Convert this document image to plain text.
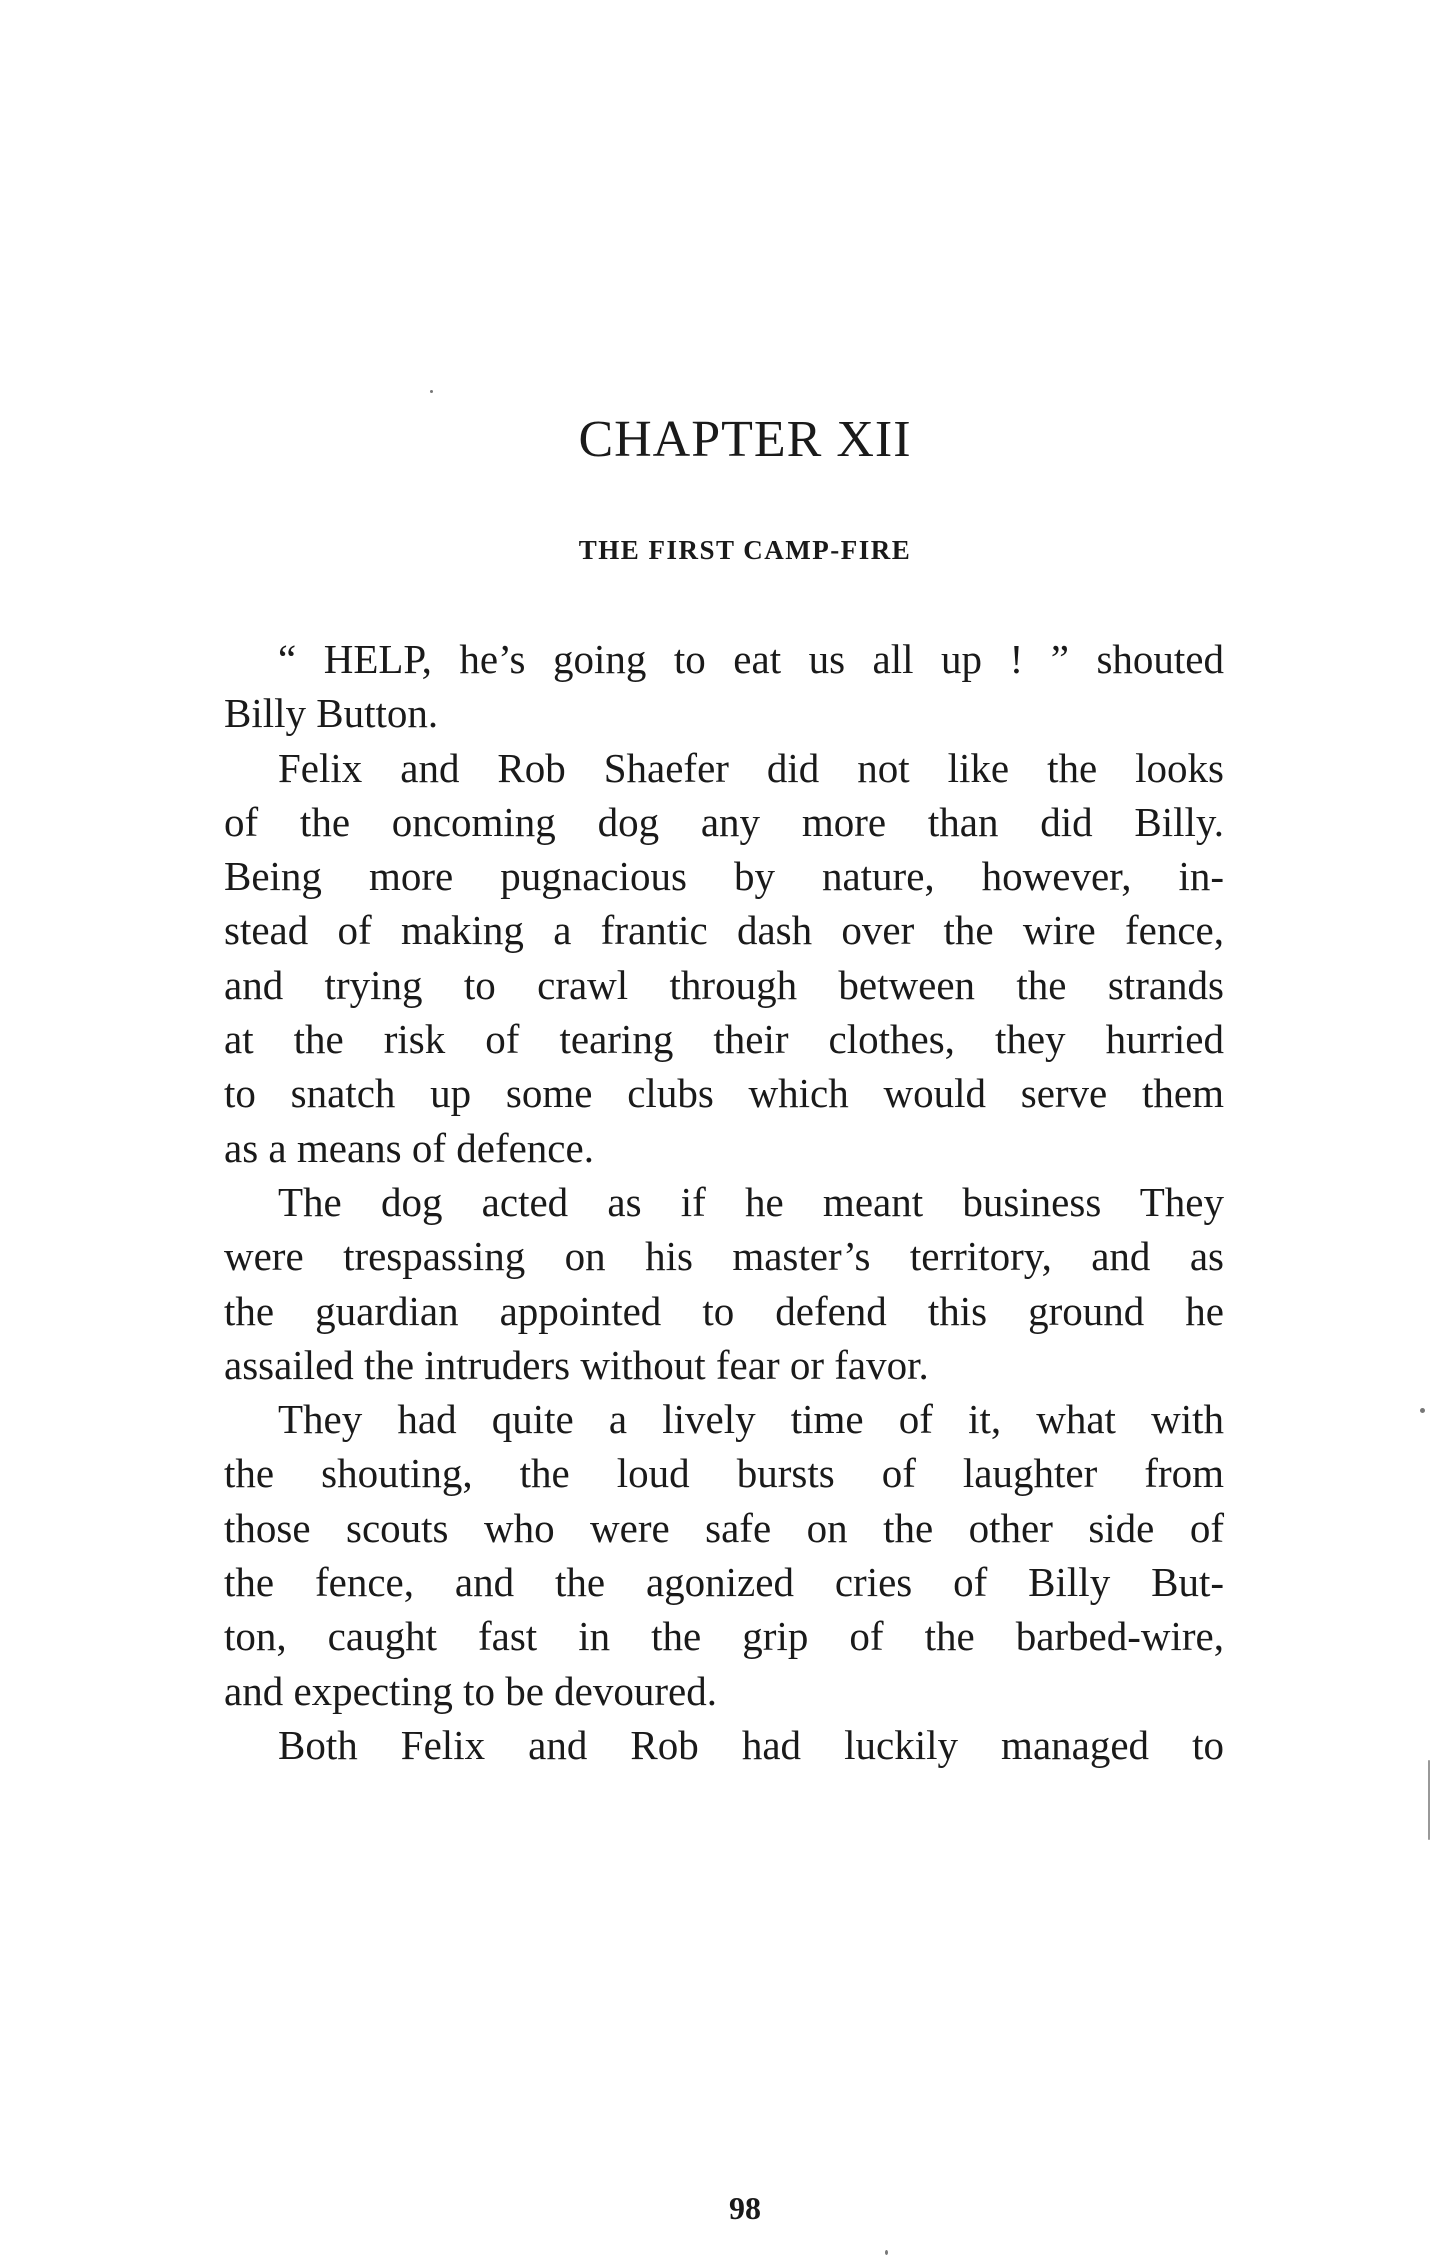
CHAPTER XII
THE FIRST CAMP-FIRE
“ HELP, he’s going to eat us all up ! ” shouted
Billy Button.
Felix and Rob Shaefer did not like the looks
of the oncoming dog any more than did Billy.
Being more pugnacious by nature, however, in-
stead of making a frantic dash over the wire fence,
and trying to crawl through between the strands
at the risk of tearing their clothes, they hurried
to snatch up some clubs which would serve them
as a means of defence.
The dog acted as if he meant business They
were trespassing on his master’s territory, and as
the guardian appointed to defend this ground he
assailed the intruders without fear or favor.
They had quite a lively time of it, what with
the shouting, the loud bursts of laughter from
those scouts who were safe on the other side of
the fence, and the agonized cries of Billy But-
ton, caught fast in the grip of the barbed-wire,
and expecting to be devoured.
Both Felix and Rob had luckily managed to
98
